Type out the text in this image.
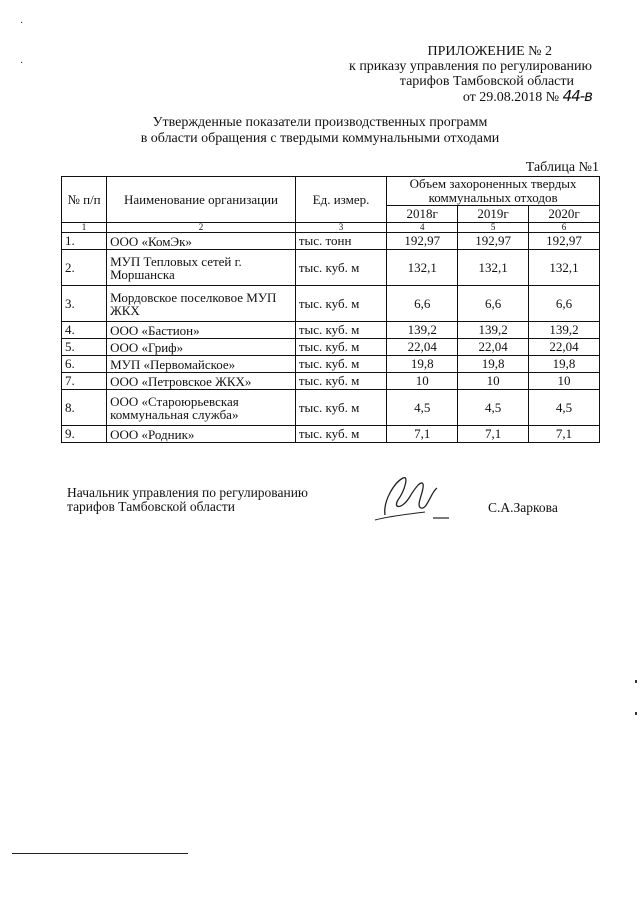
·
·
ПРИЛОЖЕНИЕ № 2
к приказу управления по регулированию
тарифов Тамбовской области
от 29.08.2018 № 44-в
Утвержденные показатели производственных программ
в области обращения с твердыми коммунальными отходами
Таблица №1
№ п/п	Наименование организации	Ед. измер.	Объем захороненных твердых коммунальных отходов		
			2018г	2019г	2020г
1	2	3	4	5	6
1.	ООО «КомЭк»	тыс. тонн	192,97	192,97	192,97
2.	МУП Тепловых сетей г. Моршанска	тыс. куб. м	132,1	132,1	132,1
3.	Мордовское поселковое МУП ЖКХ	тыс. куб. м	6,6	6,6	6,6
4.	ООО «Бастион»	тыс. куб. м	139,2	139,2	139,2
5.	ООО «Гриф»	тыс. куб. м	22,04	22,04	22,04
6.	МУП «Первомайское»	тыс. куб. м	19,8	19,8	19,8
7.	ООО «Петровское ЖКХ»	тыс. куб. м	10	10	10
8.	ООО «Староюрьевская коммунальная служба»	тыс. куб. м	4,5	4,5	4,5
9.	ООО «Родник»	тыс. куб. м	7,1	7,1	7,1
Начальник управления по регулированию
тарифов Тамбовской области	С.А.Заркова
